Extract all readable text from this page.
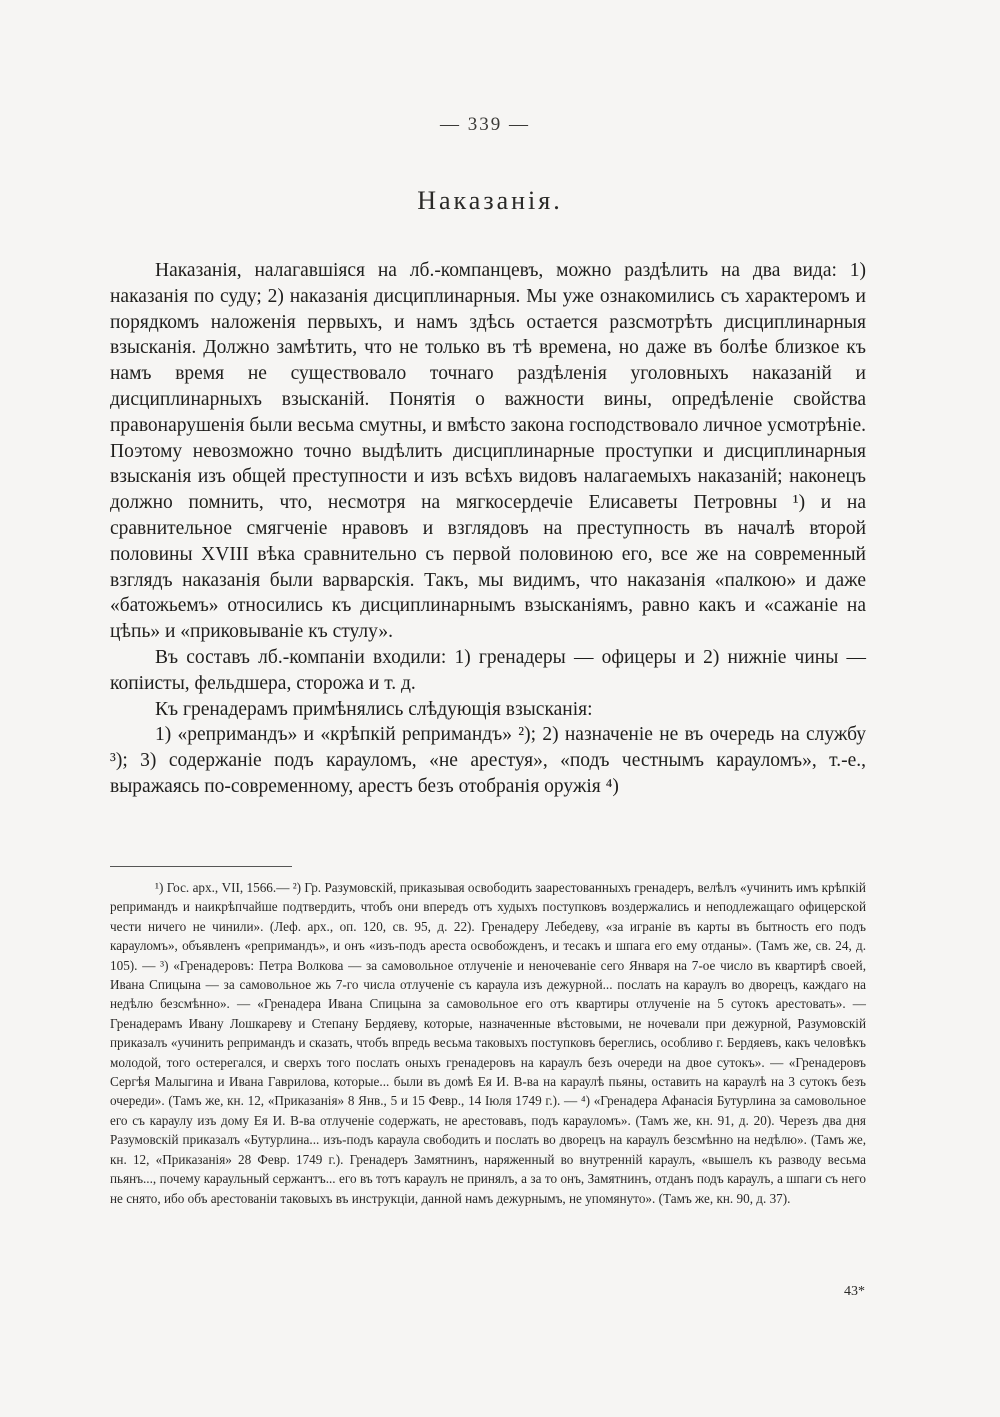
— 339 —
Наказанія.

Наказанія, налагавшіяся на лб.-компанцевъ, можно раздѣлить на два вида: 1) наказанія по суду; 2) наказанія дисциплинарныя. Мы уже ознакомились съ характеромъ и порядкомъ наложенія первыхъ, и намъ здѣсь остается разсмотрѣть дисциплинарныя взысканія. Должно замѣтить, что не только въ тѣ времена, но даже въ болѣе близкое къ намъ время не существовало точнаго раздѣленія уголовныхъ наказаній и дисциплинарныхъ взысканій. Понятія о важности вины, опредѣленіе свойства правонарушенія были весьма смутны, и вмѣсто закона господствовало личное усмотрѣніе. Поэтому невозможно точно выдѣлить дисциплинарные проступки и дисциплинарныя взысканія изъ общей преступности и изъ всѣхъ видовъ налагаемыхъ наказаній; наконецъ должно помнить, что, несмотря на мягкосердечіе Елисаветы Петровны ¹) и на сравнительное смягченіе нравовъ и взглядовъ на преступность въ началѣ второй половины XVIII вѣка сравнительно съ первой половиною его, все же на современный взглядъ наказанія были варварскія. Такъ, мы видимъ, что наказанія «палкою» и даже «батожьемъ» относились къ дисциплинарнымъ взысканіямъ, равно какъ и «сажаніе на цѣпь» и «приковываніе къ стулу».

Въ составъ лб.-компаніи входили: 1) гренадеры — офицеры и 2) нижніе чины — копіисты, фельдшера, сторожа и т. д.

Къ гренадерамъ примѣнялись слѣдующія взысканія:

1) «репримандъ» и «крѣпкій репримандъ» ²); 2) назначеніе не въ очередь на службу ³); 3) содержаніе подъ карауломъ, «не арестуя», «подъ честнымъ карауломъ», т.-е., выражаясь по-современному, арестъ безъ отобранія оружія ⁴)

¹) Гос. арх., VII, 1566.— ²) Гр. Разумовскій, приказывая освободить заарестованныхъ гренадеръ, велѣлъ «учинить имъ крѣпкій репримандъ и наикрѣпчайше подтвердить, чтобъ они впередъ отъ худыхъ поступковъ воздержались и неподлежащаго офицерской чести ничего не чинили». (Леф. арх., оп. 120, св. 95, д. 22). Гренадеру Лебедеву, «за играніе въ карты въ бытность его подъ карауломъ», объявленъ «репримандъ», и онъ «изъ-подъ ареста освобожденъ, и тесакъ и шпага его ему отданы». (Тамъ же, св. 24, д. 105). — ³) «Гренадеровъ: Петра Волкова — за самовольное отлученіе и неночеваніе сего Января на 7-ое число въ квартирѣ своей, Ивана Спицына — за самовольное жь 7-го числа отлученіе съ караула изъ дежурной... послать на караулъ во дворецъ, каждаго на недѣлю безсмѣнно». — «Гренадера Ивана Спицына за самовольное его отъ квартиры отлученіе на 5 сутокъ арестовать». — Гренадерамъ Ивану Лошкареву и Степану Бердяеву, которые, назначенные вѣстовыми, не ночевали при дежурной, Разумовскій приказалъ «учинить репримандъ и сказать, чтобъ впредь весьма таковыхъ поступковъ берeглись, особливо г. Бердяевъ, какъ человѣкъ молодой, того остерегался, и сверхъ того послать оныхъ гренадеровъ на караулъ безъ очереди на двое сутокъ». — «Гренадеровъ Сергѣя Малыгина и Ивана Гаврилова, которые... были въ домѣ Ея И. В-ва на караулѣ пьяны, оставить на караулѣ на 3 сутокъ безъ очереди». (Тамъ же, кн. 12, «Приказанія» 8 Янв., 5 и 15 Февр., 14 Іюля 1749 г.). — ⁴) «Гренадера Афанасія Бутурлина за самовольное его съ караулу изъ дому Ея И. В-ва отлученіе содержать, не арестовавъ, подъ карауломъ». (Тамъ же, кн. 91, д. 20). Черезъ два дня Разумовскій приказалъ «Бутурлина... изъ-подъ караула свободить и послать во дворецъ на караулъ безсмѣнно на недѣлю». (Тамъ же, кн. 12, «Приказанія» 28 Февр. 1749 г.). Гренадеръ Замятнинъ, наряженный во внутренній караулъ, «вышелъ къ разводу весьма пьянъ..., почему караульный сержантъ... его въ тотъ караулъ не принялъ, а за то онъ, Замятнинъ, отданъ подъ караулъ, а шпаги съ него не снято, ибо объ арестованіи таковыхъ въ инструкціи, данной намъ дежурнымъ, не упомянуто». (Тамъ же, кн. 90, д. 37).

43*
